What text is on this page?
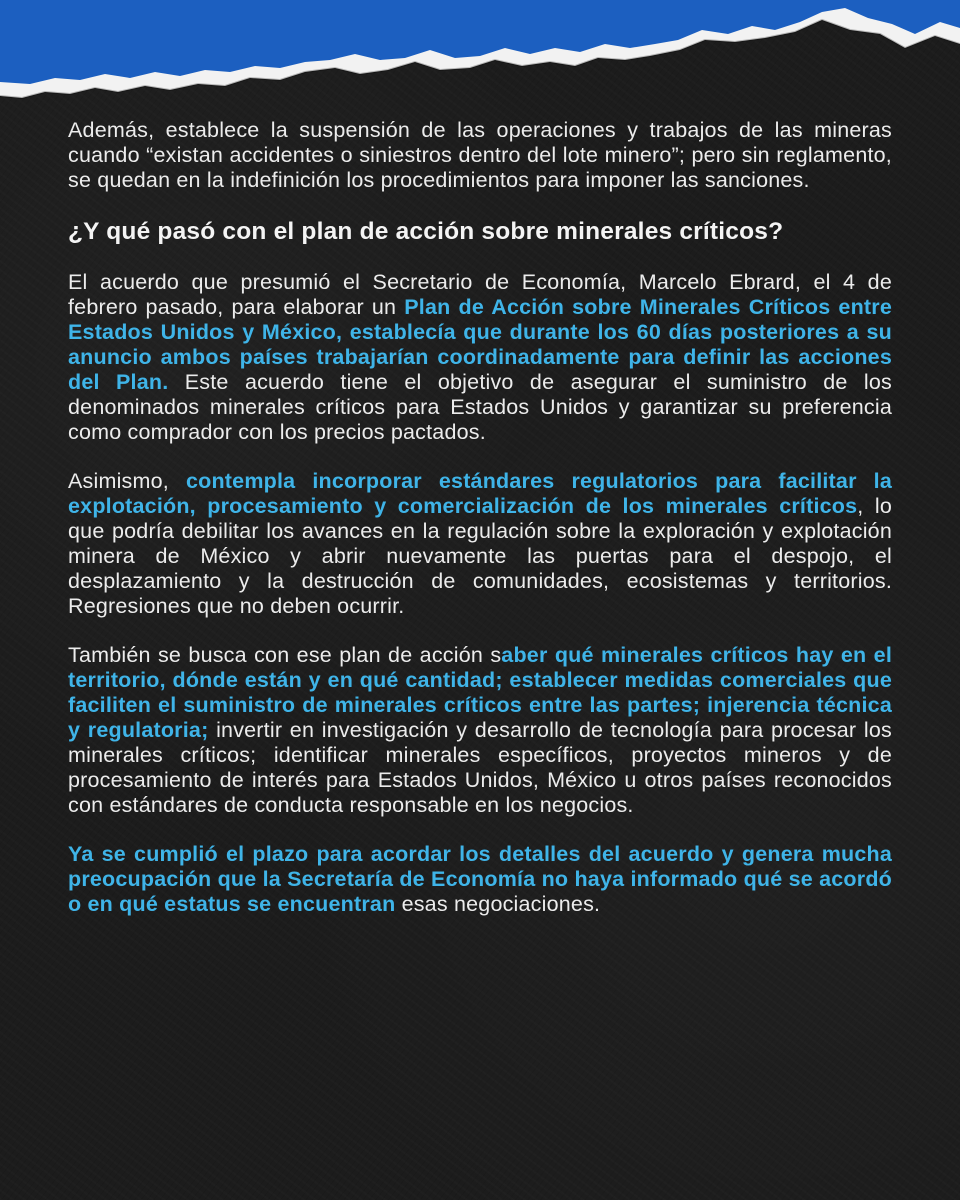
Además, establece la suspensión de las operaciones y trabajos de las mineras cuando “existan accidentes o siniestros dentro del lote minero”; pero sin reglamento, se quedan en la indefinición los procedimientos para imponer las sanciones.

¿Y qué pasó con el plan de acción sobre minerales críticos?

El acuerdo que presumió el Secretario de Economía, Marcelo Ebrard, el 4 de febrero pasado, para elaborar un Plan de Acción sobre Minerales Críticos entre Estados Unidos y México, establecía que durante los 60 días posteriores a su anuncio ambos países trabajarían coordinadamente para definir las acciones del Plan. Este acuerdo tiene el objetivo de asegurar el suministro de los denominados minerales críticos para Estados Unidos y garantizar su preferencia como comprador con los precios pactados.

Asimismo, contempla incorporar estándares regulatorios para facilitar la explotación, procesamiento y comercialización de los minerales críticos, lo que podría debilitar los avances en la regulación sobre la exploración y explotación minera de México y abrir nuevamente las puertas para el despojo, el desplazamiento y la destrucción de comunidades, ecosistemas y territorios. Regresiones que no deben ocurrir.

También se busca con ese plan de acción saber qué minerales críticos hay en el territorio, dónde están y en qué cantidad; establecer medidas comerciales que faciliten el suministro de minerales críticos entre las partes; injerencia técnica y regulatoria; invertir en investigación y desarrollo de tecnología para procesar los minerales críticos; identificar minerales específicos, proyectos mineros y de procesamiento de interés para Estados Unidos, México u otros países reconocidos con estándares de conducta responsable en los negocios.

Ya se cumplió el plazo para acordar los detalles del acuerdo y genera mucha preocupación que la Secretaría de Economía no haya informado qué se acordó o en qué estatus se encuentran esas negociaciones.
